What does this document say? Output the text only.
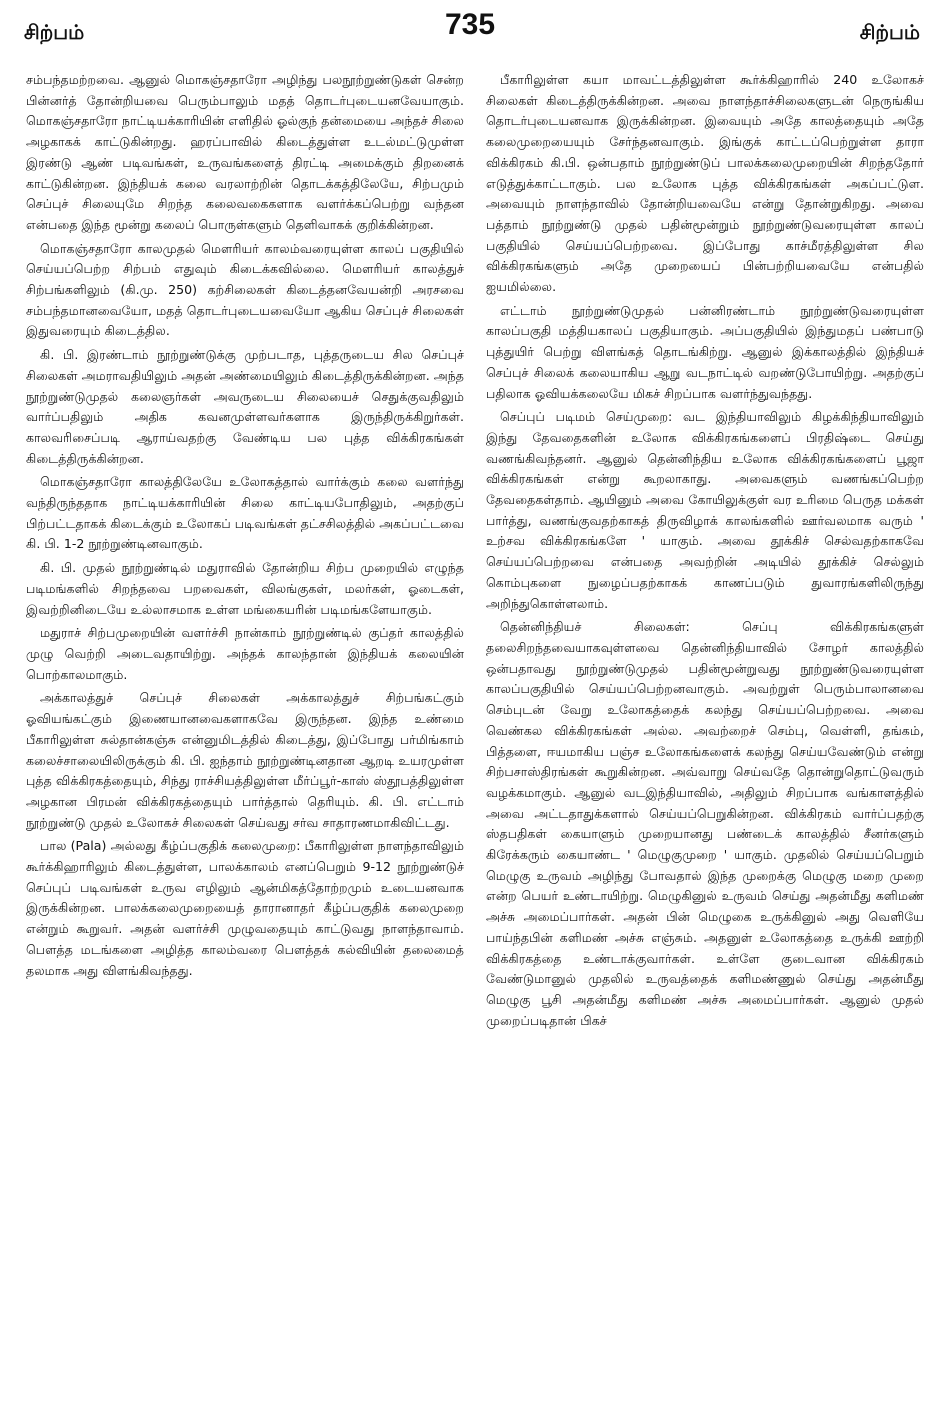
சிற்பம்	735	சிற்பம்

சம்பந்தமற்றவை. ஆனுல் மொகஞ்சதாரோ அழிந்து பலநூற்றுண்டுகள் சென்ற பின்னர்த் தோன்றியவை பெரும்பாலும் மதத் தொடர்புடையனவேயாகும். மொகஞ்சதாரோ நாட்டியக்காரியின் எளிதில் ஓல்குந் தன்மையை அந்தச் சிலை அழகாகக் காட்டுகின்றது. ஹரப்பாவில் கிடைத்துள்ள உடல்மட்டுமுள்ள இரண்டு ஆண் படிவங்கள், உருவங்களைத் திரட்டி அமைக்கும் திறனைக் காட்டுகின்றன. இந்தியக் கலை வரலாற்றின் தொடக்கத்திலேயே, சிற்பமும் செப்புச் சிலையுமே சிறந்த கலைவகைகளாக வளர்க்கப்பெற்று வந்தன என்பதை இந்த மூன்று கலைப் பொருள்களும் தெளிவாகக் குறிக்கின்றன.

மொகஞ்சதாரோ காலமுதல் மௌரியர் காலம்வரையுள்ள காலப் பகுதியில் செய்யப்பெற்ற சிற்பம் எதுவும் கிடைக்கவில்லை. மௌரியர் காலத்துச் சிற்பங்களிலும் (கி.மு. 250) கற்சிலைகள் கிடைத்தனவேயன்றி அரசவை சம்பந்தமானவையோ, மதத் தொடர்புடையவையோ ஆகிய செப்புச் சிலைகள் இதுவரையும் கிடைத்தில.

கி. பி. இரண்டாம் நூற்றுண்டுக்கு முற்படாத, புத்தருடைய சில செப்புச் சிலைகள் அமராவதியிலும் அதன் அண்மையிலும் கிடைத்திருக்கின்றன. அந்த நூற்றுண்டுமுதல் கலைஞர்கள் அவருடைய சிலையைச் செதுக்குவதிலும் வார்ப்பதிலும் அதிக கவனமுள்ளவர்களாக இருந்திருக்கிறுர்கள். காலவரிசைப்படி ஆராய்வதற்கு வேண்டிய பல புத்த விக்கிரகங்கள் கிடைத்திருக்கின்றன.

மொகஞ்சதாரோ காலத்திலேயே உலோகத்தால் வார்க்கும் கலை வளர்ந்து வந்திருந்ததாக நாட்டியக்காரியின் சிலை காட்டியபோதிலும், அதற்குப் பிற்பட்டதாகக் கிடைக்கும் உலோகப் படிவங்கள் தட்சசிலத்தில் அகப்பட்டவை கி. பி. 1-2 நூற்றுண்டினவாகும்.

கி. பி. முதல் நூற்றுண்டில் மதுராவில் தோன்றிய சிற்ப முறையில் எழுந்த படிமங்களில் சிறந்தவை பறவைகள், விலங்குகள், மலர்கள், ஓடைகள், இவற்றினிடையே உல்லாசமாக உள்ள மங்கையரின் படிமங்களேயாகும்.

மதுராச் சிற்பமுறையின் வளர்ச்சி நான்காம் நூற்றுண்டில் குப்தர் காலத்தில் முழு வெற்றி அடைவதாயிற்று. அந்தக் காலந்தான் இந்தியக் கலையின் பொற்காலமாகும்.

அக்காலத்துச் செப்புச் சிலைகள் அக்காலத்துச் சிற்பங்கட்கும் ஓவியங்கட்கும் இணையானவைகளாகவே இருந்தன. இந்த உண்மை பீகாரிலுள்ள சுல்தான்கஞ்சு என்னுமிடத்தில் கிடைத்து, இப்போது பர்மிங்காம் கலைச்சாலையிலிருக்கும் கி. பி. ஐந்தாம் நூற்றுண்டினதான ஆறடி உயரமுள்ள புத்த விக்கிரகத்தையும், சிந்து ராச்சியத்திலுள்ள மீர்ப்பூர்-காஸ் ஸ்தூபத்திலுள்ள அழகான பிரமன் விக்கிரகத்தையும் பார்த்தால் தெரியும். கி. பி. எட்டாம் நூற்றுண்டு முதல் உலோகச் சிலைகள் செய்வது சர்வ சாதாரணமாகிவிட்டது.

பால (Pala) அல்லது கீழ்ப்பகுதிக் கலைமுறை: பீகாரிலுள்ள நாளந்தாவிலும் கூர்க்கிஹாரிலும் கிடைத்துள்ள, பாலக்காலம் எனப்பெறும் 9-12 நூற்றுண்டுச் செப்புப் படிவங்கள் உருவ எழிலும் ஆன்மிகத்தோற்றமும் உடையனவாக இருக்கின்றன. பாலக்கலைமுறையைத் தாரானாதர் கீழ்ப்பகுதிக் கலைமுறை என்றும் கூறுவர். அதன் வளர்ச்சி முழுவதையும் காட்டுவது நாளந்தாவாம். பௌத்த மடங்களை அழித்த காலம்வரை பௌத்தக் கல்வியின் தலைமைத் தலமாக அது விளங்கிவந்தது.

பீகாரிலுள்ள கயா மாவட்டத்திலுள்ள கூர்க்கிஹாரில் 240 உலோகச் சிலைகள் கிடைத்திருக்கின்றன. அவை நாளந்தாச்சிலைகளுடன் நெருங்கிய தொடர்புடையனவாக இருக்கின்றன. இவையும் அதே காலத்தையும் அதே கலைமுறையையும் சேர்ந்தனவாகும். இங்குக் காட்டப்பெற்றுள்ள தாரா விக்கிரகம் கி.பி. ஒன்பதாம் நூற்றுண்டுப் பாலக்கலைமுறையின் சிறந்ததோர் எடுத்துக்காட்டாகும். பல உலோக புத்த விக்கிரகங்கள் அகப்பட்டுள. அவையும் நாளந்தாவில் தோன்றியவையே என்று தோன்றுகிறது. அவை பத்தாம் நூற்றுண்டு முதல் பதின்மூன்றும் நூற்றுண்டுவரையுள்ள காலப் பகுதியில் செய்யப்பெற்றவை. இப்போது காச்மீரத்திலுள்ள சில விக்கிரகங்களும் அதே முறையைப் பின்பற்றியவையே என்பதில் ஐயமில்லை.

எட்டாம் நூற்றுண்டுமுதல் பன்னிரண்டாம் நூற்றுண்டுவரையுள்ள காலப்பகுதி மத்தியகாலப் பகுதியாகும். அப்பகுதியில் இந்துமதப் பண்பாடு புத்துயிர் பெற்று விளங்கத் தொடங்கிற்று. ஆனுல் இக்காலத்தில் இந்தியச் செப்புச் சிலைக் கலையாகிய ஆறு வடநாட்டில் வறண்டுபோயிற்று. அதற்குப் பதிலாக ஓவியக்கலையே மிகச் சிறப்பாக வளர்ந்துவந்தது.

செப்புப் படிமம் செய்முறை: வட இந்தியாவிலும் கிழக்கிந்தியாவிலும் இந்து தேவதைகளின் உலோக விக்கிரகங்களைப் பிரதிஷ்டை செய்து வணங்கிவந்தனர். ஆனுல் தென்னிந்திய உலோக விக்கிரகங்களைப் பூஜா விக்கிரகங்கள் என்று கூறலாகாது. அவைகளும் வணங்கப்பெற்ற தேவதைகள்தாம். ஆயினும் அவை கோயிலுக்குள் வர உரிமை பெருத மக்கள் பார்த்து, வணங்குவதற்காகத் திருவிழாக் காலங்களில் ஊர்வலமாக வரும் ' உற்சவ விக்கிரகங்களே ' யாகும். அவை தூக்கிச் செல்வதற்காகவே செய்யப்பெற்றவை என்பதை அவற்றின் அடியில் தூக்கிச் செல்லும் கொம்புகளை நுழைப்பதற்காகக் காணப்படும் துவாரங்களிலிருந்து அறிந்துகொள்ளலாம்.

தென்னிந்தியச் சிலைகள்: செப்பு விக்கிரகங்களுள் தலைசிறந்தவையாகவுள்ளவை தென்னிந்தியாவில் சோழர் காலத்தில் ஒன்பதாவது நூற்றுண்டுமுதல் பதின்மூன்றுவது நூற்றுண்டுவரையுள்ள காலப்பகுதியில் செய்யப்பெற்றனவாகும். அவற்றுள் பெரும்பாலானவை செம்புடன் வேறு உலோகத்தைக் கலந்து செய்யப்பெற்றவை. அவை வெண்கல விக்கிரகங்கள் அல்ல. அவற்றைச் செம்பு, வெள்ளி, தங்கம், பித்தளை, ஈயமாகிய பஞ்ச உலோகங்களைக் கலந்து செய்யவேண்டும் என்று சிற்பசாஸ்திரங்கள் கூறுகின்றன. அவ்வாறு செய்வதே தொன்றுதொட்டுவரும் வழக்கமாகும். ஆனுல் வடஇந்தியாவில், அதிலும் சிறப்பாக வங்காளத்தில் அவை அட்டதாதுக்களால் செய்யப்பெறுகின்றன. விக்கிரகம் வார்ப்பதற்கு ஸ்தபதிகள் கையாளும் முறையானது பண்டைக் காலத்தில் சீனர்களும் கிரேக்கரும் கையாண்ட ' மெழுகுமுறை ' யாகும். முதலில் செய்யப்பெறும் மெழுகு உருவம் அழிந்து போவதால் இந்த முறைக்கு மெழுகு மறை முறை என்ற பெயர் உண்டாயிற்று. மெழுகினுல் உருவம் செய்து அதன்மீது களிமண் அச்சு அமைப்பார்கள். அதன் பின் மெழுகை உருக்கினுல் அது வெளியே பாய்ந்தபின் களிமண் அச்சு எஞ்சும். அதனுள் உலோகத்தை உருக்கி ஊற்றி விக்கிரகத்தை உண்டாக்குவார்கள். உள்ளே குடைவான விக்கிரகம் வேண்டுமானுல் முதலில் உருவத்தைக் களிமண்ணுல் செய்து அதன்மீது மெழுகு பூசி அதன்மீது களிமண் அச்சு அமைப்பார்கள். ஆனுல் முதல் முறைப்படிதான் பிகச்
